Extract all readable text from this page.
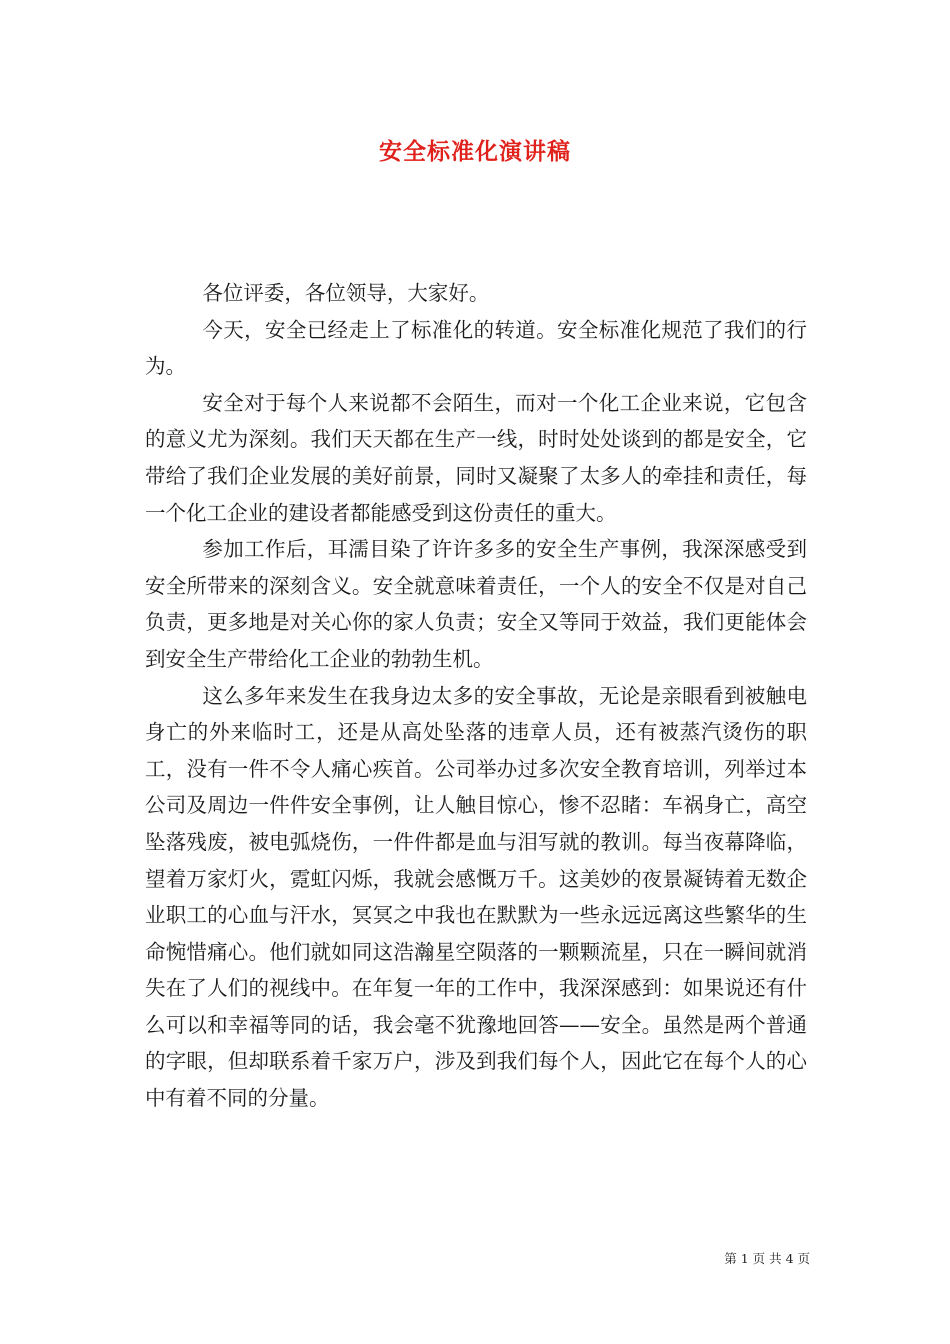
安全标准化演讲稿

各位评委，各位领导，大家好。

今天，安全已经走上了标准化的转道。安全标准化规范了我们的行为。

安全对于每个人来说都不会陌生，而对一个化工企业来说，它包含的意义尤为深刻。我们天天都在生产一线，时时处处谈到的都是安全，它带给了我们企业发展的美好前景，同时又凝聚了太多人的牵挂和责任，每一个化工企业的建设者都能感受到这份责任的重大。

参加工作后，耳濡目染了许许多多的安全生产事例，我深深感受到安全所带来的深刻含义。安全就意味着责任，一个人的安全不仅是对自己负责，更多地是对关心你的家人负责；安全又等同于效益，我们更能体会到安全生产带给化工企业的勃勃生机。

这么多年来发生在我身边太多的安全事故，无论是亲眼看到被触电身亡的外来临时工，还是从高处坠落的违章人员，还有被蒸汽烫伤的职工，没有一件不令人痛心疾首。公司举办过多次安全教育培训，列举过本公司及周边一件件安全事例，让人触目惊心，惨不忍睹：车祸身亡，高空坠落残废，被电弧烧伤，一件件都是血与泪写就的教训。每当夜幕降临，望着万家灯火，霓虹闪烁，我就会感慨万千。这美妙的夜景凝铸着无数企业职工的心血与汗水，冥冥之中我也在默默为一些永远远离这些繁华的生命惋惜痛心。他们就如同这浩瀚星空陨落的一颗颗流星，只在一瞬间就消失在了人们的视线中。在年复一年的工作中，我深深感到：如果说还有什么可以和幸福等同的话，我会毫不犹豫地回答——安全。虽然是两个普通的字眼，但却联系着千家万户，涉及到我们每个人，因此它在每个人的心中有着不同的分量。

第 1 页 共 4 页
